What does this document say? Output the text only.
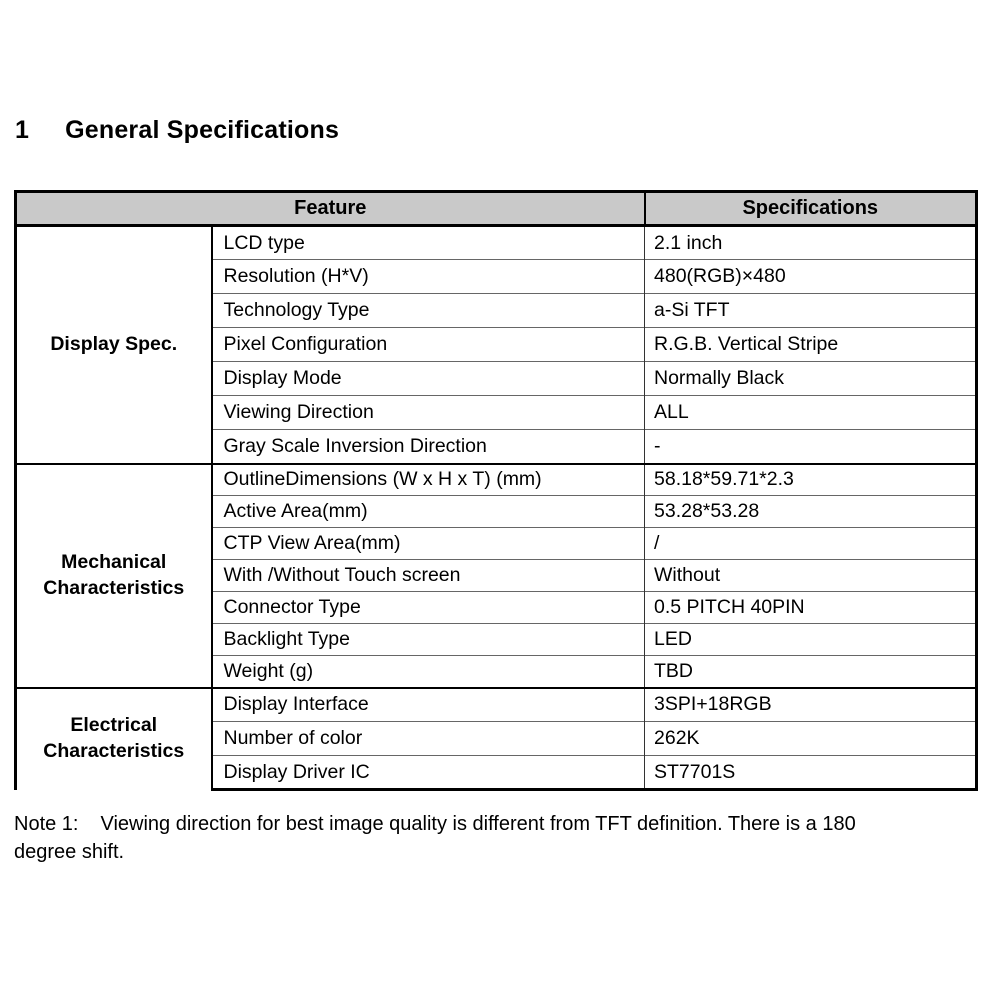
1 General Specifications
Feature		Specifications
Display Spec.	LCD type	2.1 inch
	Resolution (H*V)	480(RGB)×480
	Technology Type	a-Si TFT
	Pixel Configuration	R.G.B. Vertical Stripe
	Display Mode	Normally Black
	Viewing Direction	ALL
	Gray Scale Inversion Direction	-
Mechanical Characteristics	OutlineDimensions (W x H x T) (mm)	58.18*59.71*2.3
	Active Area(mm)	53.28*53.28
	CTP View Area(mm)	/
	With /Without Touch screen	Without
	Connector Type	0.5 PITCH 40PIN
	Backlight Type	LED
	Weight (g)	TBD
Electrical Characteristics	Display Interface	3SPI+18RGB
	Number of color	262K
	Display Driver IC	ST7701S
Note 1: Viewing direction for best image quality is different from TFT definition. There is a 180
degree shift.
